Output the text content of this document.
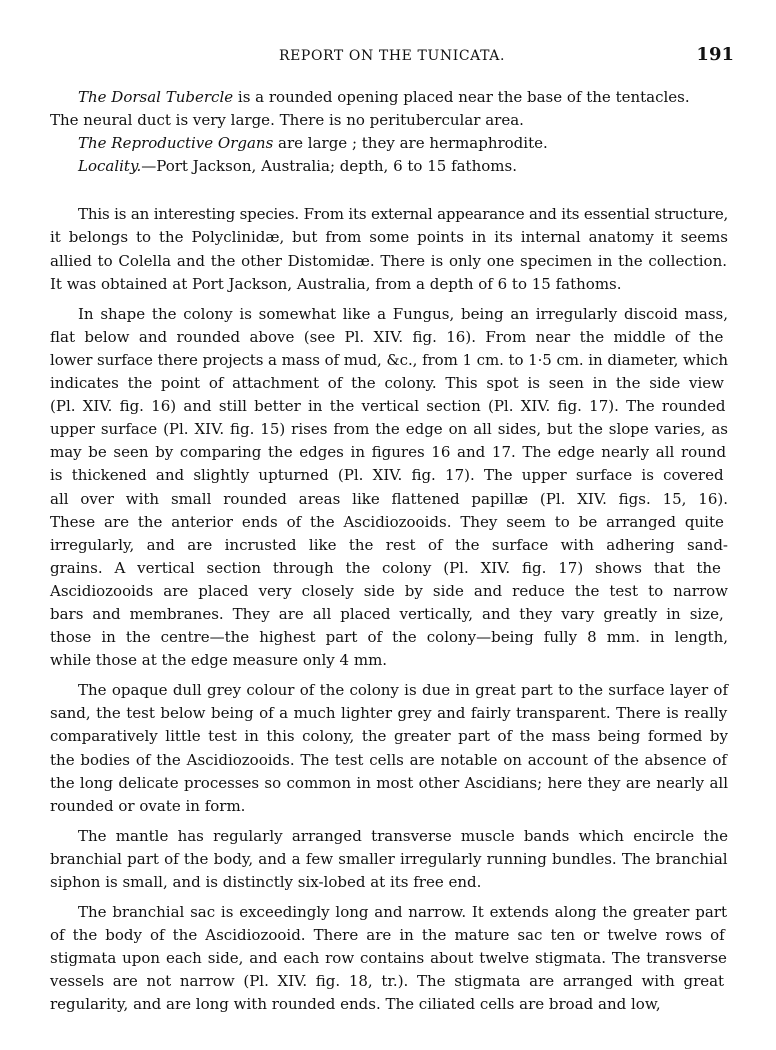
REPORT ON THE TUNICATA.	191
The Dorsal Tubercle is a rounded opening placed near the base of the tentacles.
The neural duct is very large. There is no peritubercular area.
The Reproductive Organs are large ; they are hermaphrodite.
Locality.—Port Jackson, Australia; depth, 6 to 15 fathoms.
This is an interesting species. From its external appearance and its essential structure,
it belongs to the Polyclinidæ, but from some points in its internal anatomy it seems
allied to Colella and the other Distomidæ. There is only one specimen in the collection.
It was obtained at Port Jackson, Australia, from a depth of 6 to 15 fathoms.
In shape the colony is somewhat like a Fungus, being an irregularly discoid mass,
flat below and rounded above (see Pl. XIV. fig. 16). From near the middle of the
lower surface there projects a mass of mud, &c., from 1 cm. to 1·5 cm. in diameter, which
indicates the point of attachment of the colony. This spot is seen in the side view
(Pl. XIV. fig. 16) and still better in the vertical section (Pl. XIV. fig. 17). The rounded
upper surface (Pl. XIV. fig. 15) rises from the edge on all sides, but the slope varies, as
may be seen by comparing the edges in figures 16 and 17. The edge nearly all round
is thickened and slightly upturned (Pl. XIV. fig. 17). The upper surface is covered
all over with small rounded areas like flattened papillæ (Pl. XIV. figs. 15, 16).
These are the anterior ends of the Ascidiozooids. They seem to be arranged quite
irregularly, and are incrusted like the rest of the surface with adhering sand-
grains. A vertical section through the colony (Pl. XIV. fig. 17) shows that the
Ascidiozooids are placed very closely side by side and reduce the test to narrow
bars and membranes. They are all placed vertically, and they vary greatly in size,
those in the centre—the highest part of the colony—being fully 8 mm. in length,
while those at the edge measure only 4 mm.
The opaque dull grey colour of the colony is due in great part to the surface layer of
sand, the test below being of a much lighter grey and fairly transparent. There is really
comparatively little test in this colony, the greater part of the mass being formed by
the bodies of the Ascidiozooids. The test cells are notable on account of the absence of
the long delicate processes so common in most other Ascidians; here they are nearly all
rounded or ovate in form.
The mantle has regularly arranged transverse muscle bands which encircle the
branchial part of the body, and a few smaller irregularly running bundles. The branchial
siphon is small, and is distinctly six-lobed at its free end.
The branchial sac is exceedingly long and narrow. It extends along the greater part
of the body of the Ascidiozooid. There are in the mature sac ten or twelve rows of
stigmata upon each side, and each row contains about twelve stigmata. The transverse
vessels are not narrow (Pl. XIV. fig. 18, tr.). The stigmata are arranged with great
regularity, and are long with rounded ends. The ciliated cells are broad and low,
